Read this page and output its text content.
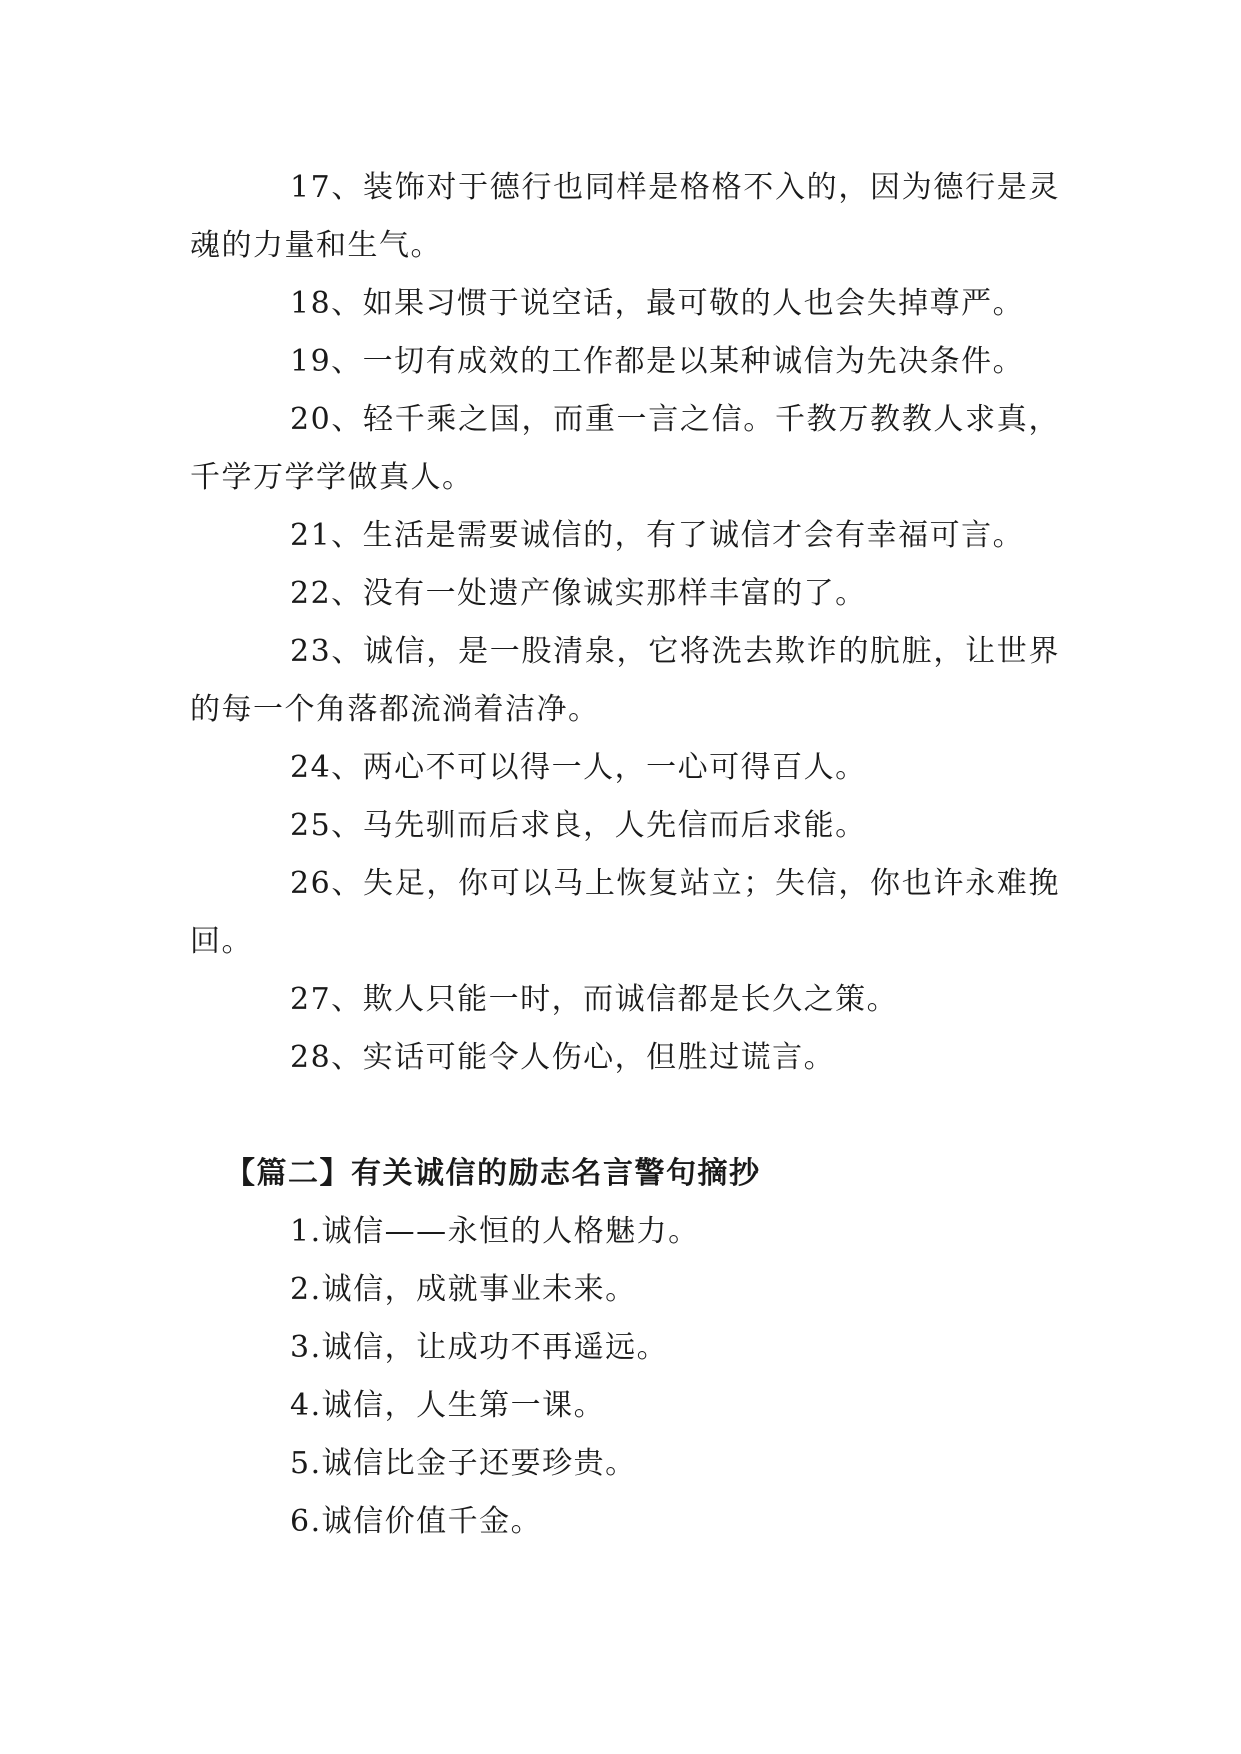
17、装饰对于德行也同样是格格不入的，因为德行是灵魂的力量和生气。

18、如果习惯于说空话，最可敬的人也会失掉尊严。

19、一切有成效的工作都是以某种诚信为先决条件。

20、轻千乘之国，而重一言之信。千教万教教人求真，千学万学学做真人。

21、生活是需要诚信的，有了诚信才会有幸福可言。

22、没有一处遗产像诚实那样丰富的了。

23、诚信，是一股清泉，它将洗去欺诈的肮脏，让世界的每一个角落都流淌着洁净。

24、两心不可以得一人，一心可得百人。

25、马先驯而后求良，人先信而后求能。

26、失足，你可以马上恢复站立；失信，你也许永难挽回。

27、欺人只能一时，而诚信都是长久之策。

28、实话可能令人伤心，但胜过谎言。

【篇二】有关诚信的励志名言警句摘抄

1.诚信——永恒的人格魅力。

2.诚信，成就事业未来。

3.诚信，让成功不再遥远。

4.诚信，人生第一课。

5.诚信比金子还要珍贵。

6.诚信价值千金。
